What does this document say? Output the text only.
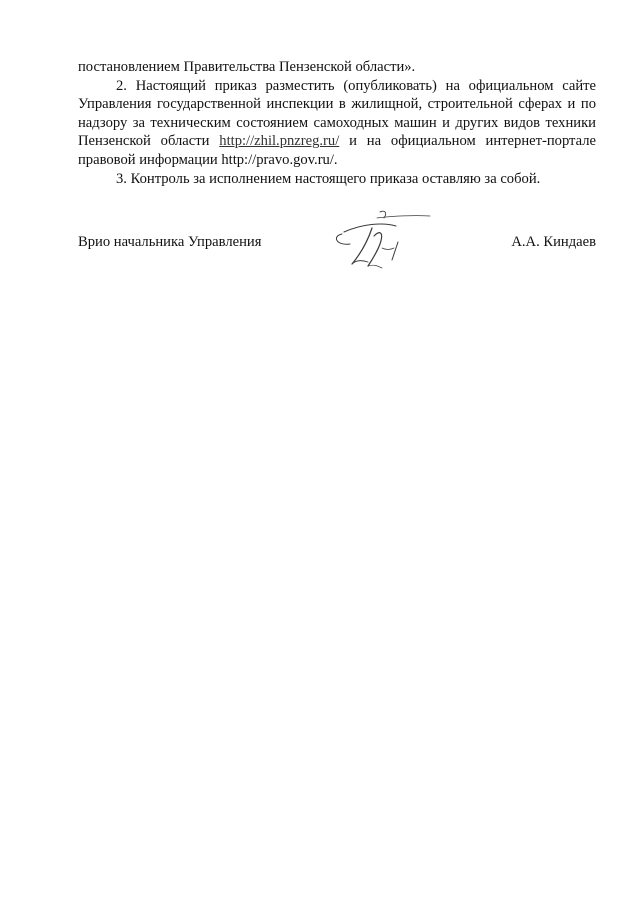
постановлением Правительства Пензенской области».

2. Настоящий приказ разместить (опубликовать) на официальном сайте Управления государственной инспекции в жилищной, строительной сферах и по надзору за техническим состоянием самоходных машин и других видов техники Пензенской области http://zhil.pnzreg.ru/ и на официальном интернет-портале правовой информации http://pravo.gov.ru/.

3. Контроль за исполнением настоящего приказа оставляю за собой.

Врио начальника Управления	А.А. Киндаев
